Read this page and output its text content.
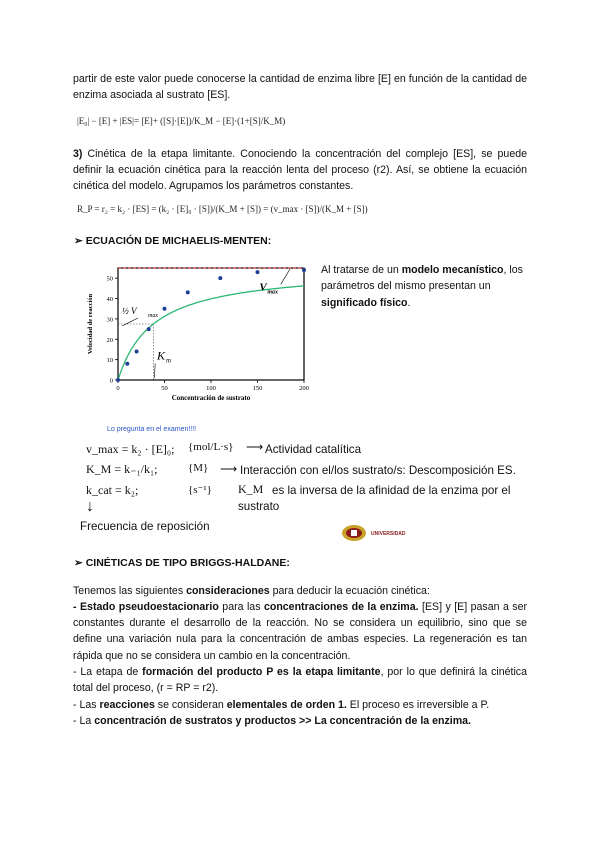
partir de este valor puede conocerse la cantidad de enzima libre [E] en función de la cantidad de enzima asociada al sustrato [ES].
|E₀| − [E] + |ES|= [E]+ ([S]·[E])/K_M − [E]·(1+[S]/K_M)
3) Cinética de la etapa limitante. Conociendo la concentración del complejo [ES], se puede definir la ecuación cinética para la reacción lenta del proceso (r2). Así, se obtiene la ecuación cinética del modelo. Agrupamos los parámetros constantes.
R_P = r₂ = k₂ · [ES] = (k₂ · [E]₀ · [S])/(K_M + [S]) = (v_max · [S])/(K_M + [S])
➢ ECUACIÓN DE MICHAELIS-MENTEN:
0
10
20
30
40
50
0	50	100	150	200
Concentración de sustrato
Velocidad de reacción	½ V max
V max
K m
Al tratarse de un modelo mecanístico, los parámetros del mismo presentan un significado físico.
Lo pregunta en el examen!!!!
v_max = k₂ · [E]₀; {mol/L·s} ⟶ Actividad catalítica
K_M = k₋₁/k₁;	{M} ⟶ Interacción con el/los sustrato/s: Descomposición ES.
k_cat = k₂;	{s⁻¹} K_M es la inversa de la afinidad de la enzima por el
sustrato
↓
Frecuencia de reposición
UNIVERSIDAD
➢ CINÉTICAS DE TIPO BRIGGS-HALDANE:
Tenemos las siguientes consideraciones para deducir la ecuación cinética:
- Estado pseudoestacionario para las concentraciones de la enzima. [ES] y [E] pasan a ser constantes durante el desarrollo de la reacción. No se considera un equilibrio, sino que se define una variación nula para la concentración de ambas especies. La regeneración es tan rápida que no se considera un cambio en la concentración.
- La etapa de formación del producto P es la etapa limitante, por lo que definirá la cinética total del proceso, (r = RP = r2).
- Las reacciones se consideran elementales de orden 1. El proceso es irreversible a P.
- La concentración de sustratos y productos >> La concentración de la enzima.
